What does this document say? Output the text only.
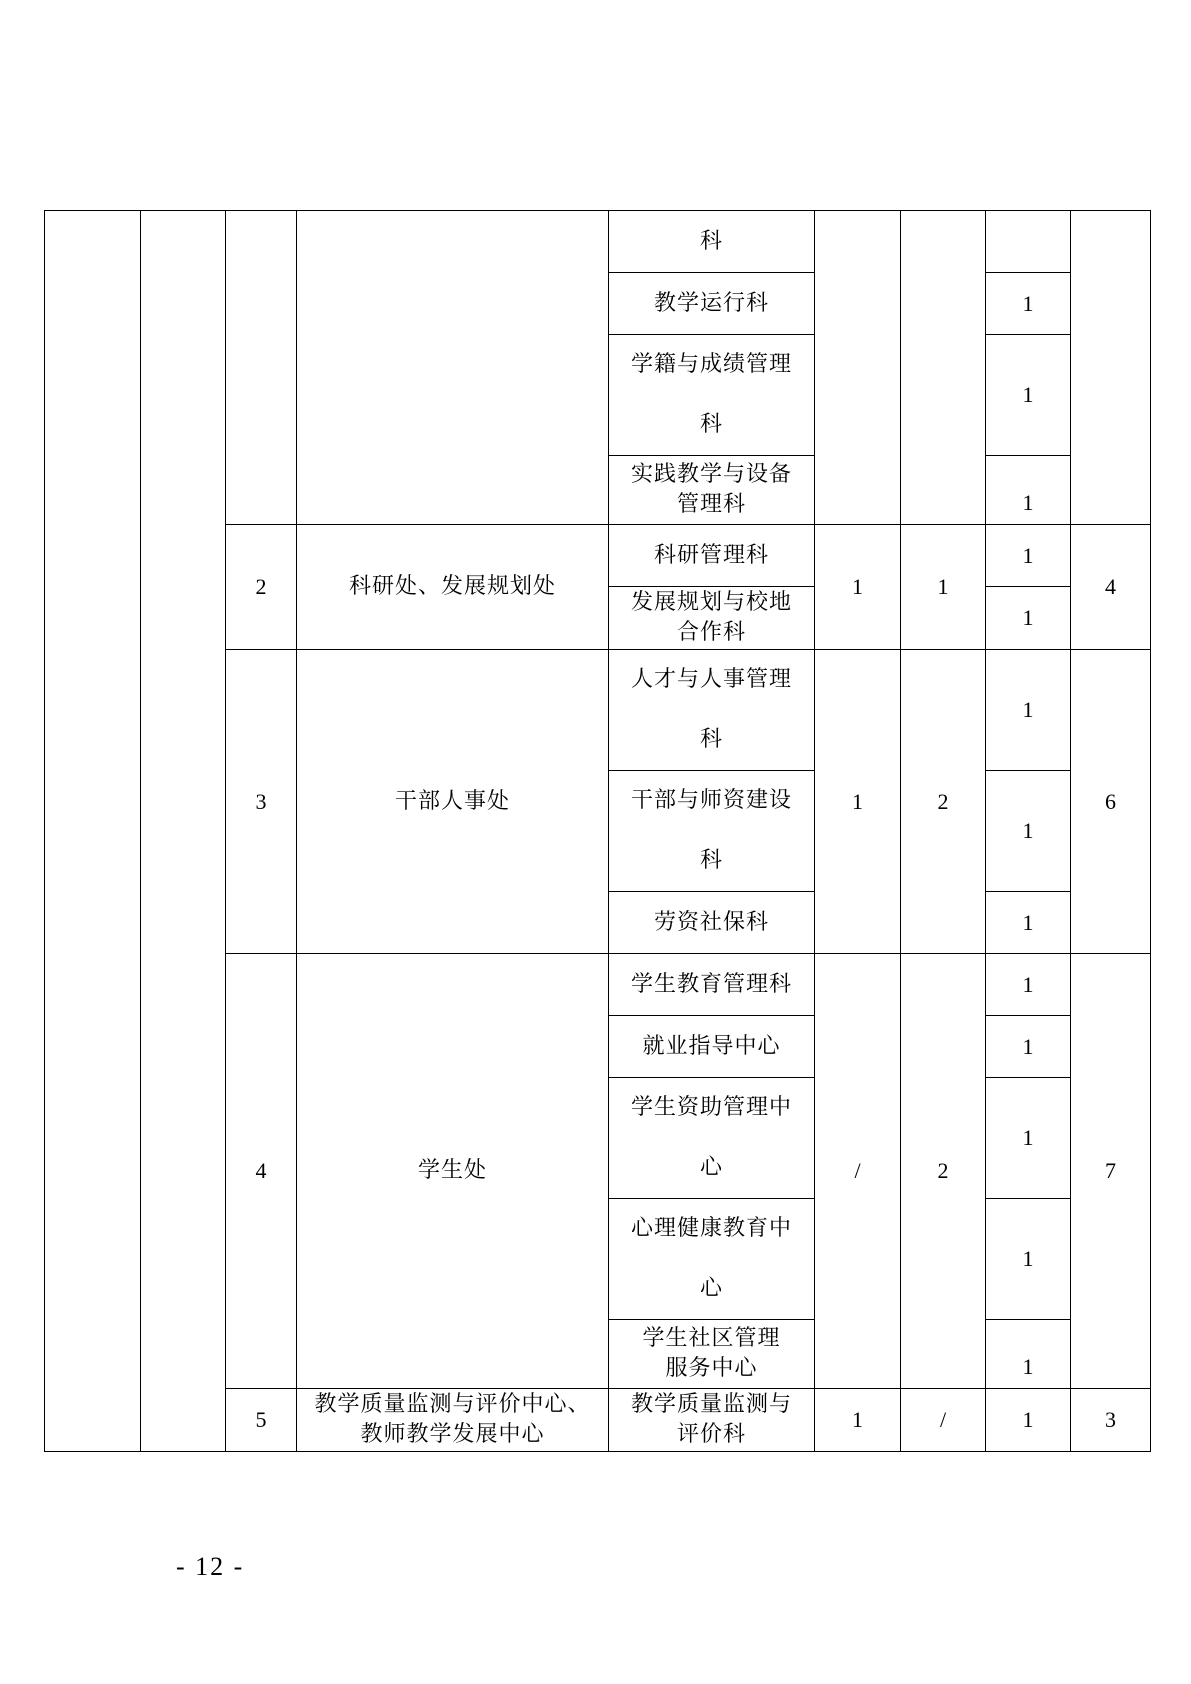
				科				
				教学运行科			1	
				学籍与成绩管理科			1	
				实践教学与设备管理科			1	
		2	科研处、发展规划处	科研管理科	1	1	1	4
				发展规划与校地合作科			1	
		3	干部人事处	人才与人事管理科	1	2	1	6
				干部与师资建设科			1	
				劳资社保科			1	
		4	学生处	学生教育管理科	/	2	1	7
				就业指导中心			1	
				学生资助管理中心			1	
				心理健康教育中心			1	
				学生社区管理服务中心			1	
		5	教学质量监测与评价中心、教师教学发展中心	教学质量监测与评价科	1	/	1	3
- 12 -
